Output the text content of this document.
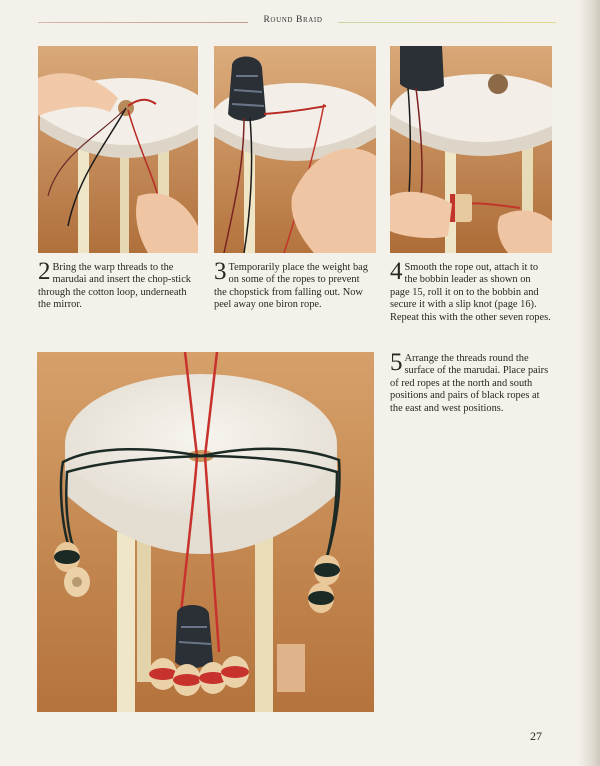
Round Braid
2 Bring the warp threads to the marudai and insert the chop-stick through the cotton loop, underneath the mirror.
3 Temporarily place the weight bag on some of the ropes to prevent the chopstick from falling out. Now peel away one biron rope.
4 Smooth the rope out, attach it to the bobbin leader as shown on page 15, roll it on to the bobbin and secure it with a slip knot (page 16). Repeat this with the other seven ropes.
5 Arrange the threads round the surface of the marudai. Place pairs of red ropes at the north and south positions and pairs of black ropes at the east and west positions.
27
